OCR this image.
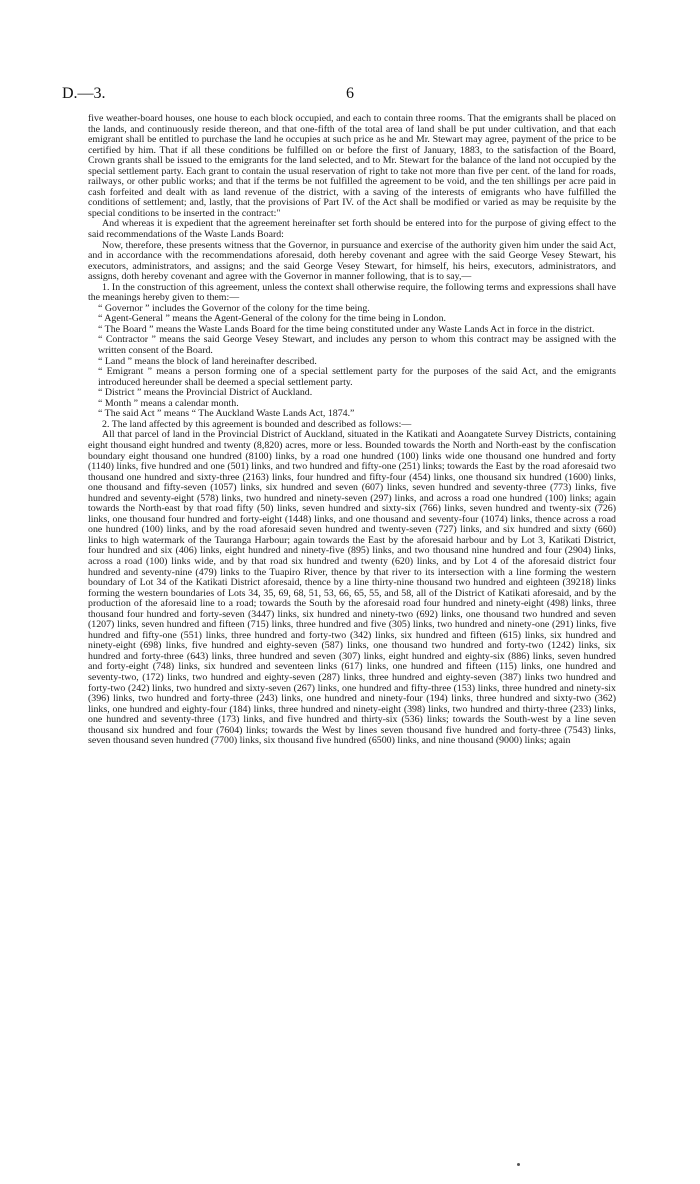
D.—3.	6

five weather-board houses, one house to each block occupied, and each to contain three rooms. That the emigrants shall be placed on the lands, and continuously reside thereon, and that one-fifth of the total area of land shall be put under cultivation, and that each emigrant shall be entitled to purchase the land he occupies at such price as he and Mr. Stewart may agree, payment of the price to be certified by him. That if all these conditions be fulfilled on or before the first of January, 1883, to the satisfaction of the Board, Crown grants shall be issued to the emigrants for the land selected, and to Mr. Stewart for the balance of the land not occupied by the special settlement party. Each grant to contain the usual reservation of right to take not more than five per cent. of the land for roads, railways, or other public works; and that if the terms be not fulfilled the agreement to be void, and the ten shillings per acre paid in cash forfeited and dealt with as land revenue of the district, with a saving of the interests of emigrants who have fulfilled the conditions of settlement; and, lastly, that the provisions of Part IV. of the Act shall be modified or varied as may be requisite by the special conditions to be inserted in the contract:"

And whereas it is expedient that the agreement hereinafter set forth should be entered into for the purpose of giving effect to the said recommendations of the Waste Lands Board:

Now, therefore, these presents witness that the Governor, in pursuance and exercise of the authority given him under the said Act, and in accordance with the recommendations aforesaid, doth hereby covenant and agree with the said George Vesey Stewart, his executors, administrators, and assigns; and the said George Vesey Stewart, for himself, his heirs, executors, administrators, and assigns, doth hereby covenant and agree with the Governor in manner following, that is to say,—

1. In the construction of this agreement, unless the context shall otherwise require, the following terms and expressions shall have the meanings hereby given to them:—

“ Governor ” includes the Governor of the colony for the time being.

“ Agent-General ” means the Agent-General of the colony for the time being in London.

“ The Board ” means the Waste Lands Board for the time being constituted under any Waste Lands Act in force in the district.

“ Contractor ” means the said George Vesey Stewart, and includes any person to whom this contract may be assigned with the written consent of the Board.

“ Land ” means the block of land hereinafter described.

“ Emigrant ” means a person forming one of a special settlement party for the purposes of the said Act, and the emigrants introduced hereunder shall be deemed a special settlement party.

“ District ” means the Provincial District of Auckland.

“ Month ” means a calendar month.

“ The said Act ” means “ The Auckland Waste Lands Act, 1874.”

2. The land affected by this agreement is bounded and described as follows:—

All that parcel of land in the Provincial District of Auckland, situated in the Katikati and Aoangatete Survey Districts, containing eight thousand eight hundred and twenty (8,820) acres, more or less. Bounded towards the North and North-east by the confiscation boundary eight thousand one hundred (8100) links, by a road one hundred (100) links wide one thousand one hundred and forty (1140) links, five hundred and one (501) links, and two hundred and fifty-one (251) links; towards the East by the road aforesaid two thousand one hundred and sixty-three (2163) links, four hundred and fifty-four (454) links, one thousand six hundred (1600) links, one thousand and fifty-seven (1057) links, six hundred and seven (607) links, seven hundred and seventy-three (773) links, five hundred and seventy-eight (578) links, two hundred and ninety-seven (297) links, and across a road one hundred (100) links; again towards the North-east by that road fifty (50) links, seven hundred and sixty-six (766) links, seven hundred and twenty-six (726) links, one thousand four hundred and forty-eight (1448) links, and one thousand and seventy-four (1074) links, thence across a road one hundred (100) links, and by the road aforesaid seven hundred and twenty-seven (727) links, and six hundred and sixty (660) links to high watermark of the Tauranga Harbour; again towards the East by the aforesaid harbour and by Lot 3, Katikati District, four hundred and six (406) links, eight hundred and ninety-five (895) links, and two thousand nine hundred and four (2904) links, across a road (100) links wide, and by that road six hundred and twenty (620) links, and by Lot 4 of the aforesaid district four hundred and seventy-nine (479) links to the Tuapiro River, thence by that river to its intersection with a line forming the western boundary of Lot 34 of the Katikati District aforesaid, thence by a line thirty-nine thousand two hundred and eighteen (39218) links forming the western boundaries of Lots 34, 35, 69, 68, 51, 53, 66, 65, 55, and 58, all of the District of Katikati aforesaid, and by the production of the aforesaid line to a road; towards the South by the aforesaid road four hundred and ninety-eight (498) links, three thousand four hundred and forty-seven (3447) links, six hundred and ninety-two (692) links, one thousand two hundred and seven (1207) links, seven hundred and fifteen (715) links, three hundred and five (305) links, two hundred and ninety-one (291) links, five hundred and fifty-one (551) links, three hundred and forty-two (342) links, six hundred and fifteen (615) links, six hundred and ninety-eight (698) links, five hundred and eighty-seven (587) links, one thousand two hundred and forty-two (1242) links, six hundred and forty-three (643) links, three hundred and seven (307) links, eight hundred and eighty-six (886) links, seven hundred and forty-eight (748) links, six hundred and seventeen links (617) links, one hundred and fifteen (115) links, one hundred and seventy-two, (172) links, two hundred and eighty-seven (287) links, three hundred and eighty-seven (387) links two hundred and forty-two (242) links, two hundred and sixty-seven (267) links, one hundred and fifty-three (153) links, three hundred and ninety-six (396) links, two hundred and forty-three (243) links, one hundred and ninety-four (194) links, three hundred and sixty-two (362) links, one hundred and eighty-four (184) links, three hundred and ninety-eight (398) links, two hundred and thirty-three (233) links, one hundred and seventy-three (173) links, and five hundred and thirty-six (536) links; towards the South-west by a line seven thousand six hundred and four (7604) links; towards the West by lines seven thousand five hundred and forty-three (7543) links, seven thousand seven hundred (7700) links, six thousand five hundred (6500) links, and nine thousand (9000) links; again
